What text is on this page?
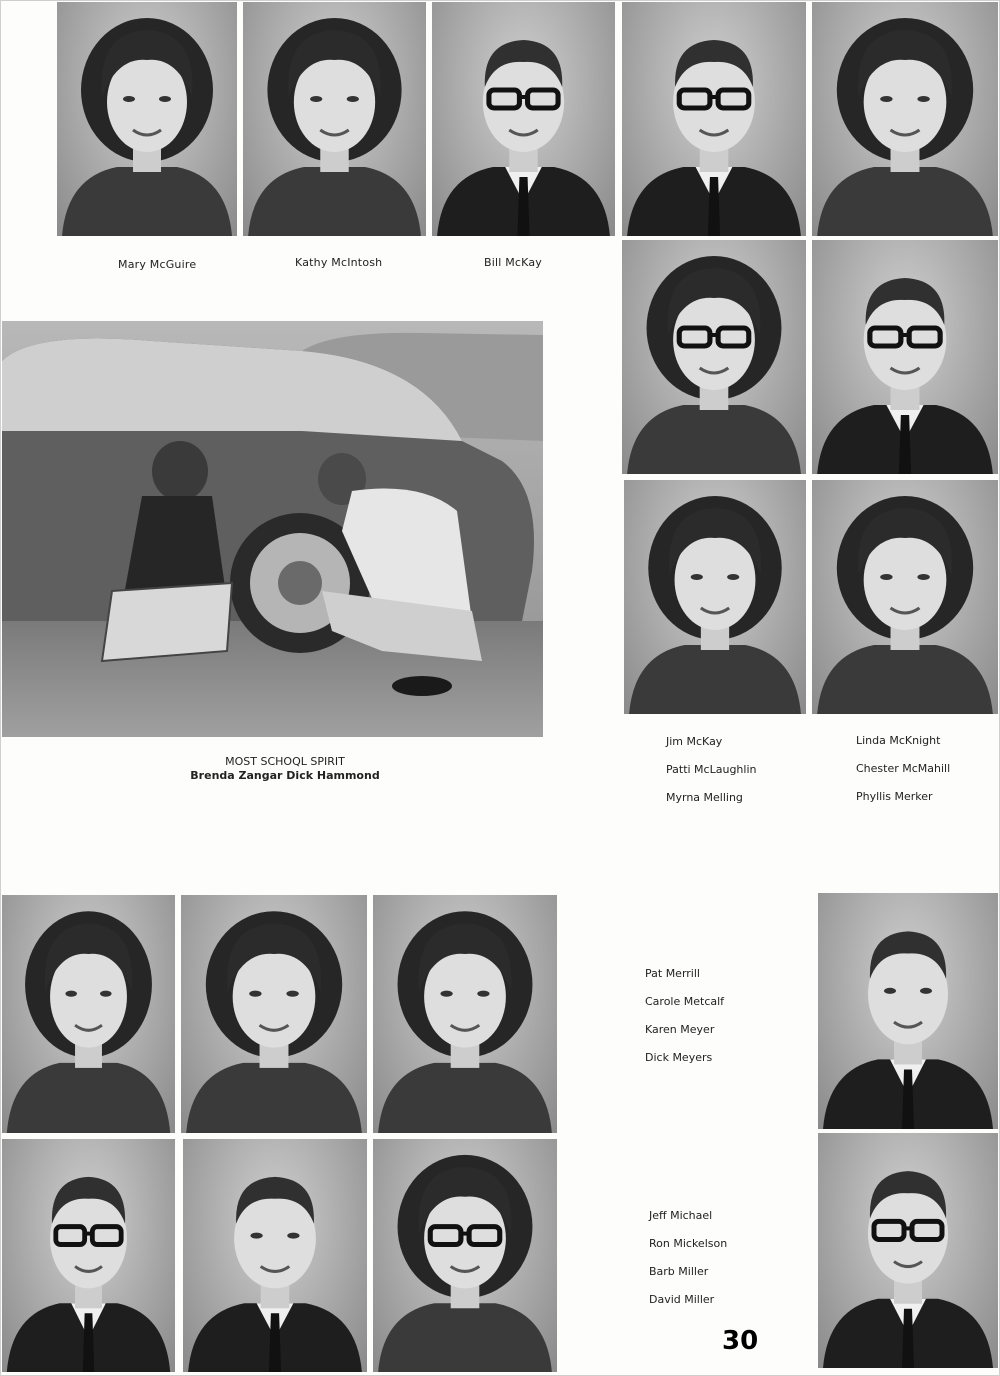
Mary McGuire	Kathy McIntosh	Bill McKay
MOST SCHOQL SPIRIT
Brenda Zangar Dick Hammond
Jim McKay
Patti McLaughlin
Myrna Melling
Linda McKnight
Chester McMahill
Phyllis Merker
Pat Merrill
Carole Metcalf
Karen Meyer
Dick Meyers
Jeff Michael
Ron Mickelson
Barb Miller
David Miller
30
